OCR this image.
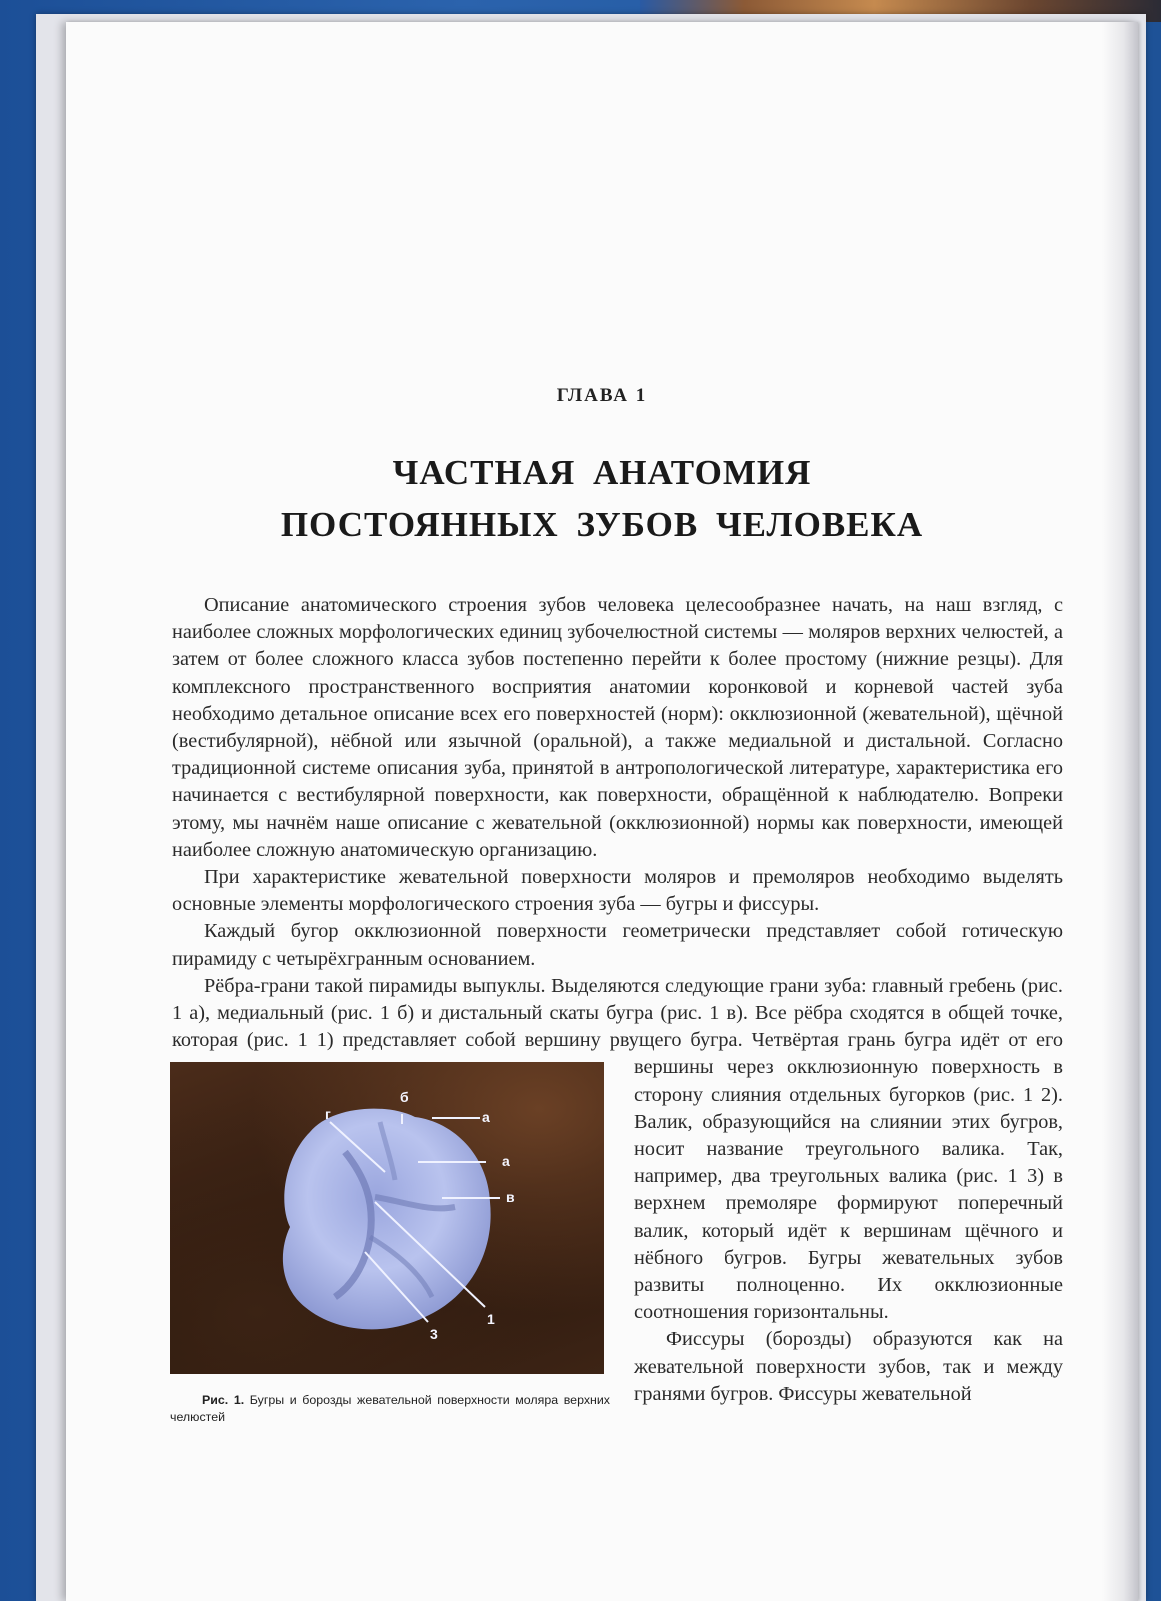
ГЛАВА 1
ЧАСТНАЯ АНАТОМИЯ
ПОСТОЯННЫХ ЗУБОВ ЧЕЛОВЕКА

Описание анатомического строения зубов человека целесообразнее начать, на наш взгляд, с наиболее сложных морфологических единиц зубочелюстной системы — моляров верхних челюстей, а затем от более сложного класса зубов постепенно перейти к более простому (нижние резцы). Для комплексного пространственного восприятия анатомии коронковой и корневой частей зуба необходимо детальное описание всех его поверхностей (норм): окклюзионной (жевательной), щёчной (вестибулярной), нёбной или язычной (оральной), а также медиальной и дистальной. Согласно традиционной системе описания зуба, принятой в антропологической литературе, характеристика его начинается с вестибулярной поверхности, как поверхности, обращённой к наблюдателю. Вопреки этому, мы начнём наше описание с жевательной (окклюзионной) нормы как поверхности, имеющей наиболее сложную анатомическую организацию.

При характеристике жевательной поверхности моляров и премоляров необходимо выделять основные элементы морфологического строения зуба — бугры и фиссуры.

Каждый бугор окклюзионной поверхности геометрически представляет собой готическую пирамиду с четырёхгранным основанием.

Рёбра-грани такой пирамиды выпуклы. Выделяются следующие грани зуба: главный гребень (рис. 1 а), медиальный (рис. 1 б) и дистальный скаты бугра (рис. 1 в). Все рёбра сходятся в общей точке, которая (рис. 1 1) представляет собой вершину рвущего бугра. Четвёр
б
г	а
а
в
1
3
Рис. 1. Бугры и борозды жевательной поверхности моляра верхних челюстей
тая грань бугра идёт от его вершины через окклюзионную поверхность в сторону слияния отдельных бугорков (рис. 1 2). Валик, образующийся на слиянии этих бугров, носит название треугольного валика. Так, например, два треугольных валика (рис. 1 3) в верхнем премоляре формируют поперечный валик, который идёт к вершинам щёчного и нёбного бугров. Бугры жевательных зубов развиты полноценно. Их окклюзионные соотношения горизонтальны.

Фиссуры (борозды) образуются как на жевательной поверхности зубов, так и между гранями бугров. Фиссуры жевательной
